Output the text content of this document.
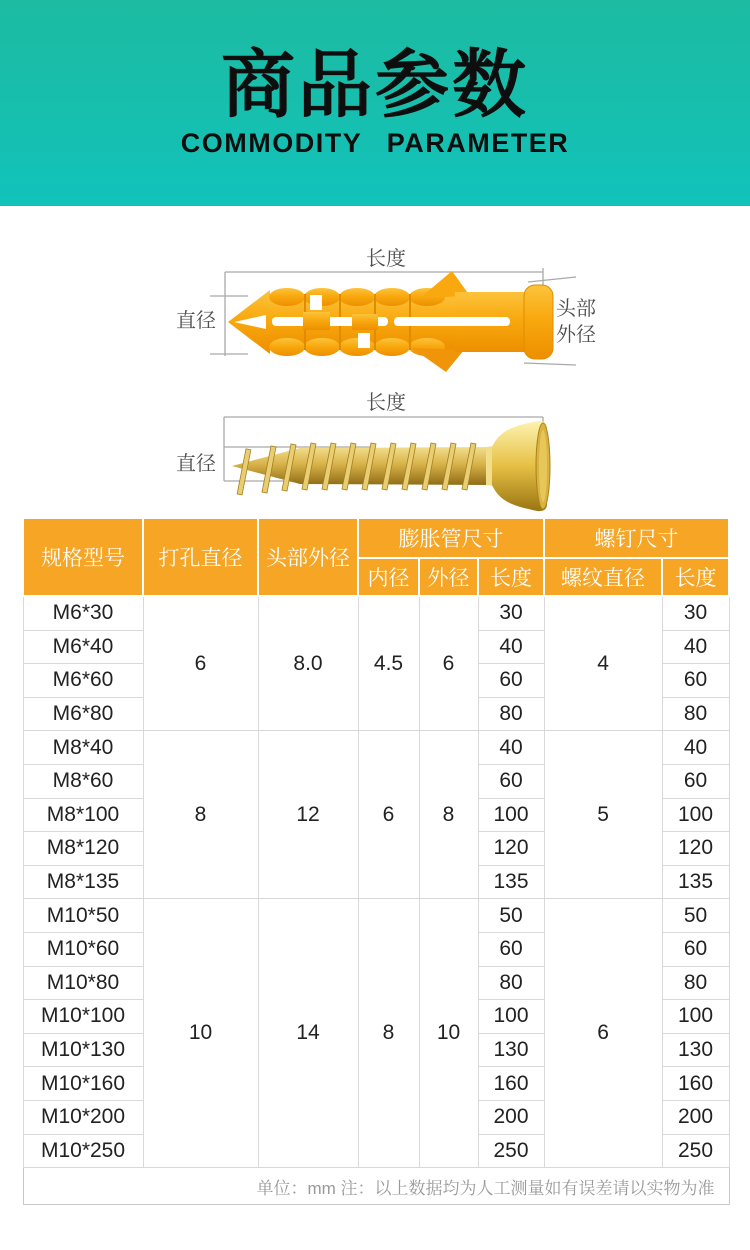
商品参数
COMMODITY PARAMETER
长度
直径
头部
外径
长度
直径
规格型号	打孔直径	头部外径	膨胀管尺寸			螺钉尺寸	
			内径	外径	长度	螺纹直径	长度
M6*30	6	8.0	4.5	6	30	4	30
M6*40					40		40
M6*60					60		60
M6*80					80		80
M8*40	8	12	6	8	40	5	40
M8*60					60		60
M8*100					100		100
M8*120					120		120
M8*135					135		135
M10*50	10	14	8	10	50	6	50
M10*60					60		60
M10*80					80		80
M10*100					100		100
M10*130					130		130
M10*160					160		160
M10*200					200		200
M10*250					250		250
单位：mm 注：以上数据均为人工测量如有误差请以实物为准							
